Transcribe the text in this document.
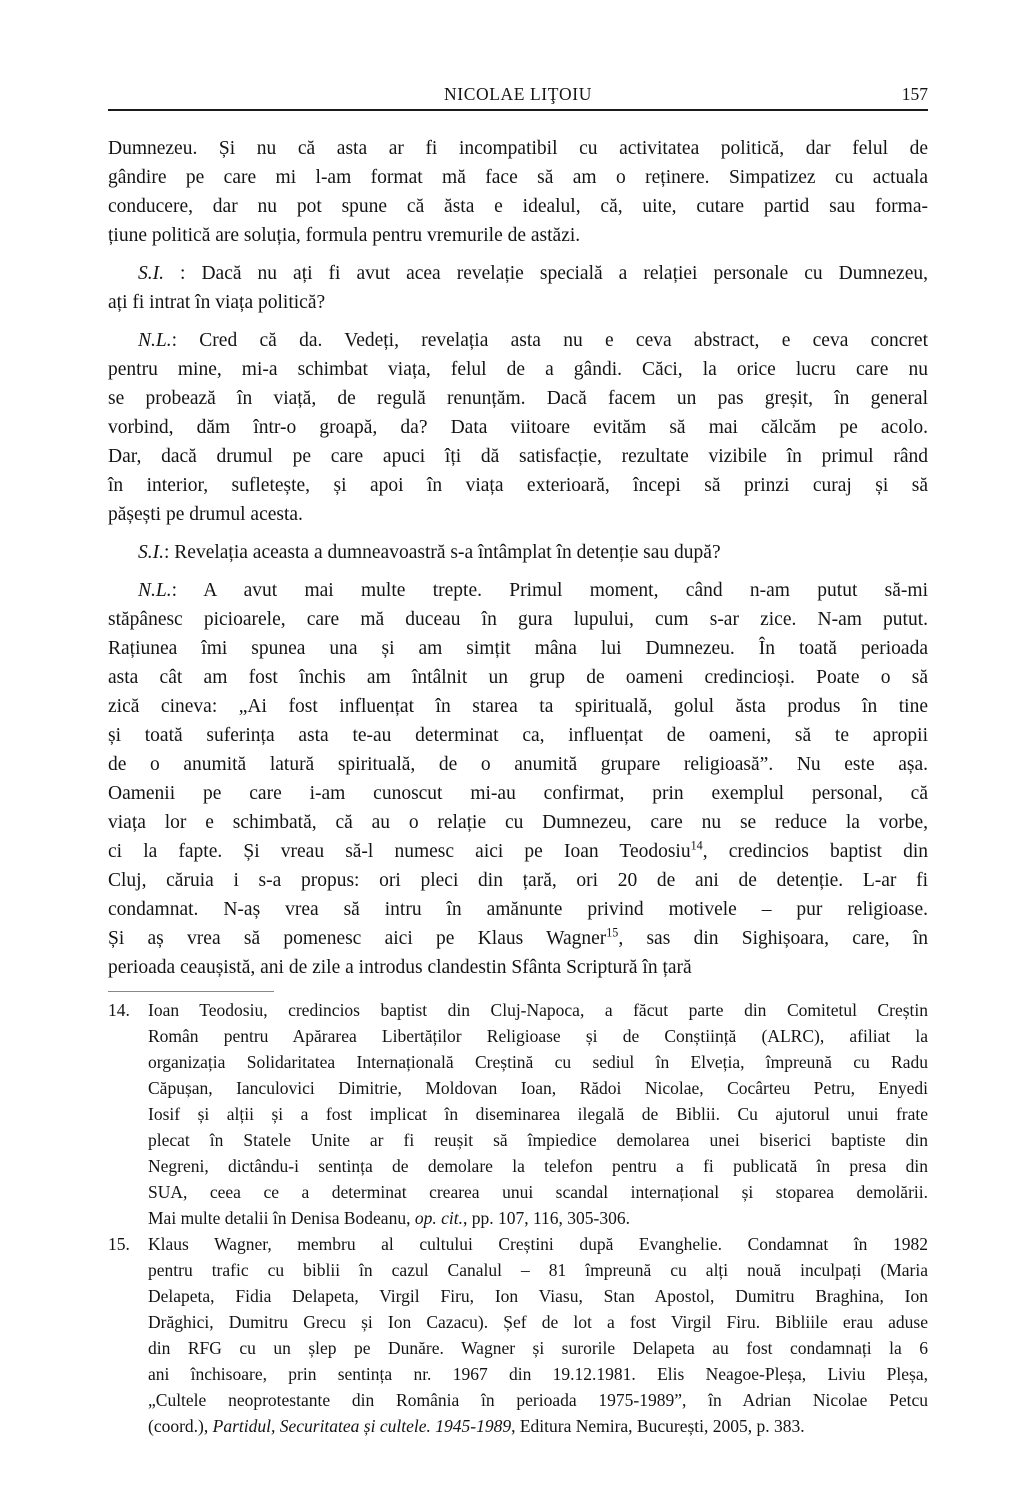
NICOLAE LIŢOIU	157
Dumnezeu. Și nu că asta ar fi incompatibil cu activitatea politică, dar felul de
gândire pe care mi l-am format mă face să am o reținere. Simpatizez cu actuala
conducere, dar nu pot spune că ăsta e idealul, că, uite, cutare partid sau forma-
țiune politică are soluția, formula pentru vremurile de astăzi.
S.I. : Dacă nu ați fi avut acea revelație specială a relației personale cu Dumnezeu,
ați fi intrat în viața politică?
N.L.: Cred că da. Vedeți, revelația asta nu e ceva abstract, e ceva concret
pentru mine, mi-a schimbat viața, felul de a gândi. Căci, la orice lucru care nu
se probează în viață, de regulă renunțăm. Dacă facem un pas greșit, în general
vorbind, dăm într-o groapă, da? Data viitoare evităm să mai călcăm pe acolo.
Dar, dacă drumul pe care apuci îți dă satisfacție, rezultate vizibile în primul rând
în interior, sufletește, și apoi în viața exterioară, începi să prinzi curaj și să
pășești pe drumul acesta.
S.I.: Revelația aceasta a dumneavoastră s-a întâmplat în detenție sau după?
N.L.: A avut mai multe trepte. Primul moment, când n-am putut să-mi
stăpânesc picioarele, care mă duceau în gura lupului, cum s-ar zice. N-am putut.
Rațiunea îmi spunea una și am simțit mâna lui Dumnezeu. În toată perioada
asta cât am fost închis am întâlnit un grup de oameni credincioși. Poate o să
zică cineva: „Ai fost influențat în starea ta spirituală, golul ăsta produs în tine
și toată suferința asta te-au determinat ca, influențat de oameni, să te apropii
de o anumită latură spirituală, de o anumită grupare religioasă”. Nu este așa.
Oamenii pe care i-am cunoscut mi-au confirmat, prin exemplul personal, că
viața lor e schimbată, că au o relație cu Dumnezeu, care nu se reduce la vorbe,
ci la fapte. Și vreau să-l numesc aici pe Ioan Teodosiu$^{14}$, credincios baptist din
Cluj, căruia i s-a propus: ori pleci din țară, ori 20 de ani de detenție. L-ar fi
condamnat. N-aș vrea să intru în amănunte privind motivele – pur religioase.
Și aș vrea să pomenesc aici pe Klaus Wagner$^{15}$, sas din Sighișoara, care, în
perioada ceaușistă, ani de zile a introdus clandestin Sfânta Scriptură în țară
14.	Ioan Teodosiu, credincios baptist din Cluj-Napoca, a făcut parte din Comitetul Creștin
Român pentru Apărarea Libertăților Religioase și de Conștiință (ALRC), afiliat la
organizația Solidaritatea Internațională Creștină cu sediul în Elveția, împreună cu Radu
Căpușan, Ianculovici Dimitrie, Moldovan Ioan, Rădoi Nicolae, Cocârteu Petru, Enyedi
Iosif și alții și a fost implicat în diseminarea ilegală de Biblii. Cu ajutorul unui frate
plecat în Statele Unite ar fi reușit să împiedice demolarea unei biserici baptiste din
Negreni, dictându-i sentința de demolare la telefon pentru a fi publicată în presa din
SUA, ceea ce a determinat crearea unui scandal internațional și stoparea demolării.
Mai multe detalii în Denisa Bodeanu, op. cit., pp. 107, 116, 305-306.
15.	Klaus Wagner, membru al cultului Creștini după Evanghelie. Condamnat în 1982
pentru trafic cu biblii în cazul Canalul – 81 împreună cu alți nouă inculpați (Maria
Delapeta, Fidia Delapeta, Virgil Firu, Ion Viasu, Stan Apostol, Dumitru Braghina, Ion
Drăghici, Dumitru Grecu și Ion Cazacu). Șef de lot a fost Virgil Firu. Bibliile erau aduse
din RFG cu un șlep pe Dunăre. Wagner și surorile Delapeta au fost condamnați la 6
ani închisoare, prin sentința nr. 1967 din 19.12.1981. Elis Neagoe-Pleșa, Liviu Pleșa,
„Cultele neoprotestante din România în perioada 1975-1989”, în Adrian Nicolae Petcu
(coord.), Partidul, Securitatea și cultele. 1945-1989, Editura Nemira, București, 2005, p. 383.
